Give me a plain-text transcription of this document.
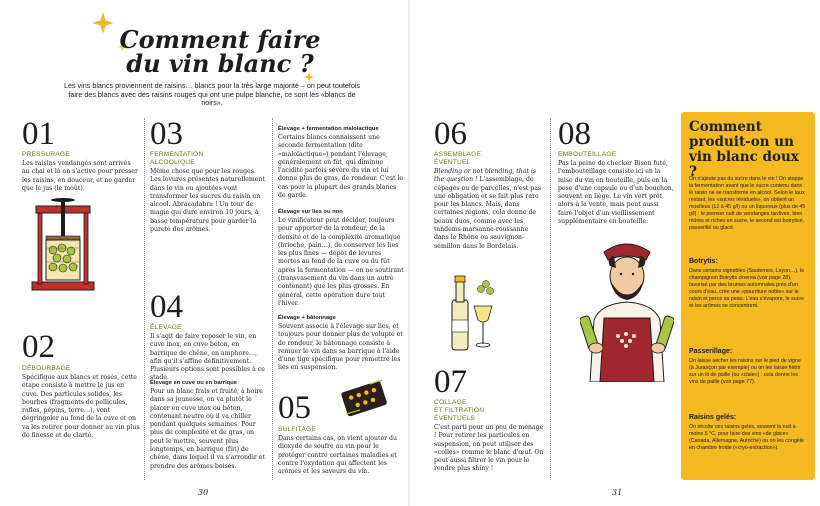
Comment faire
du vin blanc ?
Les vins blancs proviennent de raisins… blancs pour la très large majorité – on peut toutefois faire des blancs avec des raisins rouges qui ont une pulpe blanche, ce sont les «blancs de noirs».
01
PRESSURAGE
Les raisins vendangés sont arrivés au chai et là on s'active pour presser les raisins, en douceur, et ne garder que le jus (le moût).
02
DÉBOURBAGE
Spécifique aux blancs et rosés, cette étape consiste à mettre le jus en cuve. Des particules solides, les bourbes (fragments de pellicules, rafles, pépins, terre…), vont dégringoler au fond de la cuve et on va les retirer pour donner au vin plus de finesse et de clarté.
03
FERMENTATION
ALCOOLIQUE
Même chose que pour les rouges. Les levures présentes naturellement dans le vin ou ajoutées vont transformer les sucres du raisin en alcool. Abracadabra ! Un tour de magie qui dure environ 10 jours, à basse température pour garder la pureté des arômes.
04
ÉLEVAGE
Il s'agit de faire reposer le vin, en cuve inox, en cuve béton, en barrique de chêne, en amphore…, afin qu'il s'affine définitivement. Plusieurs options sont possibles à ce stade.
Élevage en cuve ou en barrique
Pour un blanc frais et fruité, à boire dans sa jeunesse, on va plutôt le placer en cuve inox ou béton, contenant neutre où il va chiller pendant quelques semaines. Pour plus de complexité et de gras, on peut le mettre, souvent plus longtemps, en barrique (fût) de chêne, dans lequel il va s'arrondir et prendre des arômes boisés.
Élevage + fermentation malolactique
Certains blancs connaissent une seconde fermentation (dite «malolactique») pendant l'élevage, généralement en fût, qui diminue l'acidité parfois sévère du vin et lui donne plus de gras, de rondeur. C'est le cas pour la plupart des grands blancs de garde.
Élevage sur lies ou non
Le vinificateur peut décider, toujours pour apporter de la rondeur, de la densité et de la complexité aromatique (brioche, pain…), de conserver les lies les plus fines — dépôt de levures mortes au fond de la cuve ou du fût après la fermentation — en ne soutirant (transvasement du vin dans un autre contenant) que les plus grosses. En général, cette opération dure tout l'hiver.
Élevage + bâtonnage
Souvent associé à l'élevage sur lies, et toujours pour donner plus de volupté et de rondeur, le bâtonnage consiste à remuer le vin dans sa barrique à l'aide d'une tige spécifique pour remettre les lies en suspension.
05
SULFITAGE
Dans certains cas, on vient ajouter du dioxyde de soufre au vin pour le protéger contre certaines maladies et contre l'oxydation qui affectent les arômes et les saveurs du vin.
30
06
ASSEMBLAGE
ÉVENTUEL
Blending or not blending, that is the question ! L'assemblage, de cépages ou de parcelles, n'est pas une obligation et se fait plus rare pour les blancs. Mais, dans certaines régions, cela donne de beaux duos, comme avec les tandems marsanne-roussanne dans le Rhône ou sauvignon-sémillon dans le Bordelais.
07
COLLAGE
ET FILTRATION
ÉVENTUELS
C'est parti pour un peu de ménage ! Pour retirer les particules en suspension, on peut utiliser des «colles» comme le blanc d'œuf. On peut aussi filtrer le vin pour le rendre plus shiny !
08
EMBOUTEILLAGE
Pas la peine de checker Bison futé, l'embouteillage consiste ici en la mise du vin en bouteille, puis en la pose d'une capsule ou d'un bouchon, souvent en liège. Le vin vert prêt alors à la vente, mais peut aussi faire l'objet d'un vieillissement supplémentaire en bouteille.
Comment produit-on un vin blanc doux ?
On n'ajoute pas du sucre dans le vin ! On stoppe la fermentation avant que le sucre contenu dans le raisin ne se transforme en alcool. Selon le taux restant, les «sucres résiduels», on obtient un moelleux (12 à 45 g/l) ou un liquoreux (plus de 45 g/l) : le premier naît de vendanges tardives, bien mûres et riches en sucre, le second est botrytisé, passerillé ou glacé.
Botrytis:
Dans certains vignobles (Sauternes, Layon…), le champignon Botrytis cinerea (voir page 28), favorisé par des brumes automnales près d'un cours d'eau, crée une «pourriture noble» sur le raisin et perce sa peau. L'eau s'évapore, le sucre et les arômes se concentrent.
Passerillage:
On laisse sécher les raisins sur le pied de vigne (à Jurançon par exemple) ou on les laisse flétrir sur un lit de paille (ou «claie») : cela donne les vins de paille (voir page 77).
Raisins gelés:
On récolte ces raisins gelés, souvent la nuit à moins 5 °C, pour faire des vins «de glace» (Canada, Allemagne, Autriche) ou on les congèle en chambre froide («cryo-extraction»).
31
